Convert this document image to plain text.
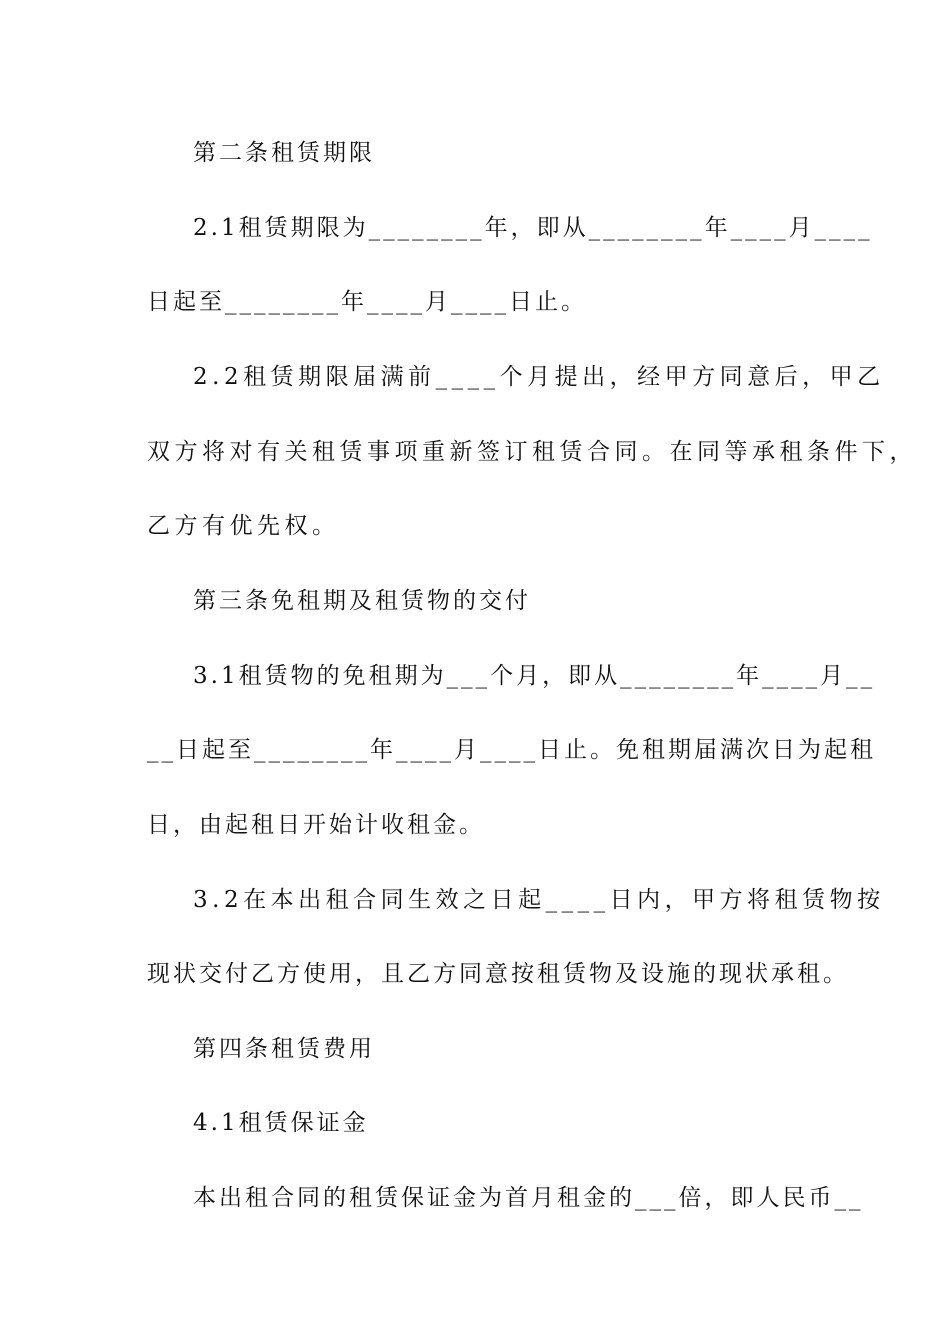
第二条租赁期限
2.1租赁期限为________年，即从________年____月____
日起至________年____月____日止。
2.2租赁期限届满前____个月提出，经甲方同意后，甲乙
双方将对有关租赁事项重新签订租赁合同。在同等承租条件下，
乙方有优先权。
第三条免租期及租赁物的交付
3.1租赁物的免租期为___个月，即从________年____月__
__日起至________年____月____日止。免租期届满次日为起租
日，由起租日开始计收租金。
3.2在本出租合同生效之日起____日内，甲方将租赁物按
现状交付乙方使用，且乙方同意按租赁物及设施的现状承租。
第四条租赁费用
4.1租赁保证金
本出租合同的租赁保证金为首月租金的___倍，即人民币__
